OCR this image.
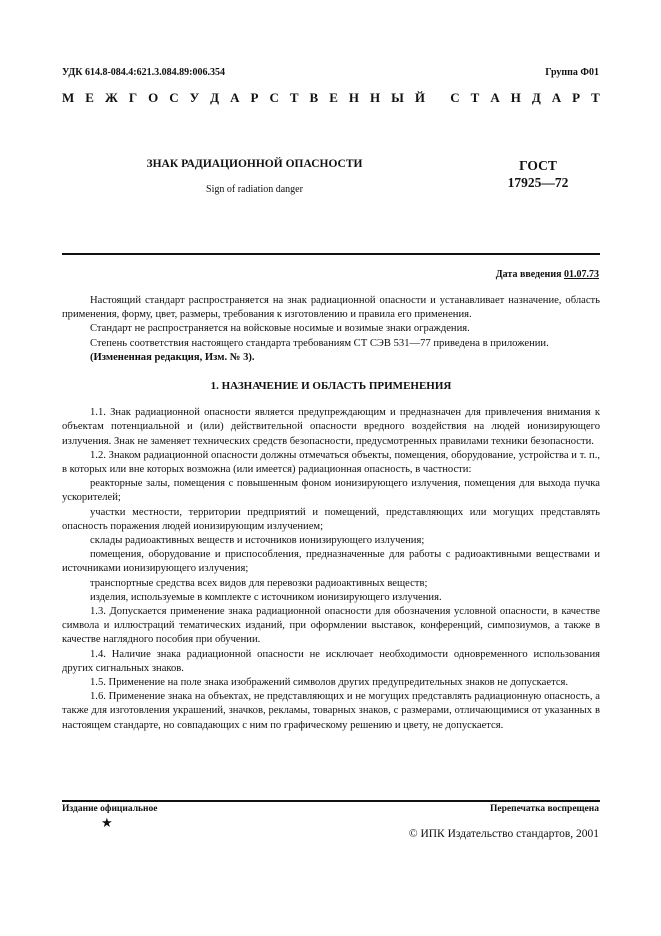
УДК 614.8-084.4:621.3.084.89:006.354	Группа Ф01
М Е Ж Г О С У Д А Р С Т В Е Н Н Ы Й
С Т А Н Д А Р Т
ЗНАК РАДИАЦИОННОЙ ОПАСНОСТИ
Sign of radiation danger
ГОСТ
17925—72
Дата введения 01.07.73

Настоящий стандарт распространяется на знак радиационной опасности и устанавливает назначение, область применения, форму, цвет, размеры, требования к изготовлению и правила его применения.

Стандарт не распространяется на войсковые носимые и возимые знаки ограждения.

Степень соответствия настоящего стандарта требованиям СТ СЭВ 531—77 приведена в приложении.

(Измененная редакция, Изм. № 3).

1. НАЗНАЧЕНИЕ И ОБЛАСТЬ ПРИМЕНЕНИЯ

1.1. Знак радиационной опасности является предупреждающим и предназначен для привлечения внимания к объектам потенциальной и (или) действительной опасности вредного воздействия на людей ионизирующего излучения. Знак не заменяет технических средств безопасности, предусмотренных правилами техники безопасности.

1.2. Знаком радиационной опасности должны отмечаться объекты, помещения, оборудование, устройства и т. п., в которых или вне которых возможна (или имеется) радиационная опасность, в частности:

реакторные залы, помещения с повышенным фоном ионизирующего излучения, помещения для выхода пучка ускорителей;

участки местности, территории предприятий и помещений, представляющих или могущих представлять опасность поражения людей ионизирующим излучением;

склады радиоактивных веществ и источников ионизирующего излучения;

помещения, оборудование и приспособления, предназначенные для работы с радиоактивными веществами и источниками ионизирующего излучения;

транспортные средства всех видов для перевозки радиоактивных веществ;

изделия, используемые в комплекте с источником ионизирующего излучения.

1.3. Допускается применение знака радиационной опасности для обозначения условной опасности, в качестве символа и иллюстраций тематических изданий, при оформлении выставок, конференций, симпозиумов, а также в качестве наглядного пособия при обучении.

1.4. Наличие знака радиационной опасности не исключает необходимости одновременного использования других сигнальных знаков.

1.5. Применение на поле знака изображений символов других предупредительных знаков не допускается.

1.6. Применение знака на объектах, не представляющих и не могущих представлять радиационную опасность, а также для изготовления украшений, значков, рекламы, товарных знаков, с размерами, отличающимися от указанных в настоящем стандарте, но совпадающих с ним по графическому решению и цвету, не допускается.

Издание официальное	Перепечатка воспрещена
★
© ИПК Издательство стандартов, 2001
